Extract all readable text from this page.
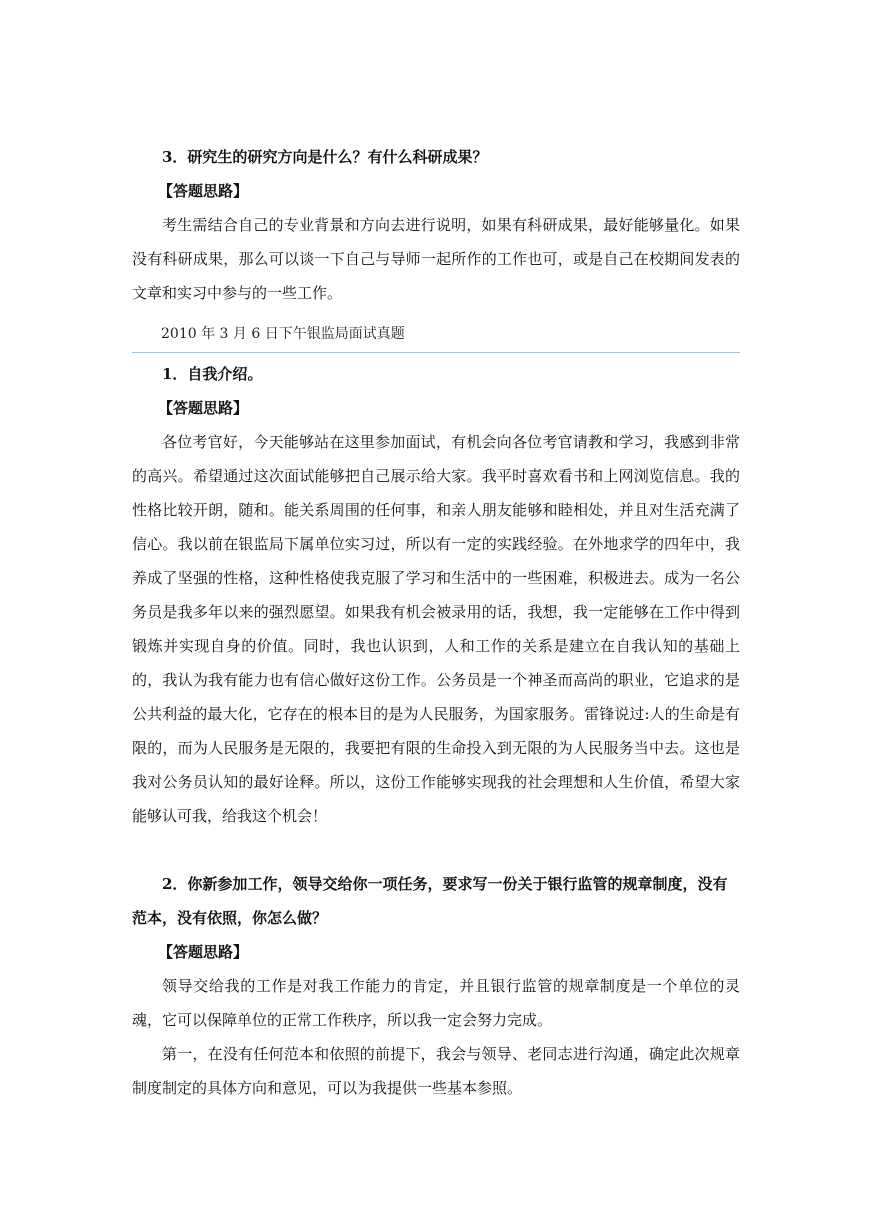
3．研究生的研究方向是什么？有什么科研成果？

【答题思路】

考生需结合自己的专业背景和方向去进行说明，如果有科研成果，最好能够量化。如果没有科研成果，那么可以谈一下自己与导师一起所作的工作也可，或是自己在校期间发表的文章和实习中参与的一些工作。

2010 年 3 月 6 日下午银监局面试真题

1．自我介绍。

【答题思路】

各位考官好，今天能够站在这里参加面试，有机会向各位考官请教和学习，我感到非常的高兴。希望通过这次面试能够把自己展示给大家。我平时喜欢看书和上网浏览信息。我的性格比较开朗，随和。能关系周围的任何事，和亲人朋友能够和睦相处，并且对生活充满了信心。我以前在银监局下属单位实习过，所以有一定的实践经验。在外地求学的四年中，我养成了坚强的性格，这种性格使我克服了学习和生活中的一些困难，积极进去。成为一名公务员是我多年以来的强烈愿望。如果我有机会被录用的话，我想，我一定能够在工作中得到锻炼并实现自身的价值。同时，我也认识到，人和工作的关系是建立在自我认知的基础上的，我认为我有能力也有信心做好这份工作。公务员是一个神圣而高尚的职业，它追求的是公共利益的最大化，它存在的根本目的是为人民服务，为国家服务。雷锋说过:人的生命是有限的，而为人民服务是无限的，我要把有限的生命投入到无限的为人民服务当中去。这也是我对公务员认知的最好诠释。所以，这份工作能够实现我的社会理想和人生价值，希望大家能够认可我，给我这个机会！

2．你新参加工作，领导交给你一项任务，要求写一份关于银行监管的规章制度，没有范本，没有依照，你怎么做？

【答题思路】

领导交给我的工作是对我工作能力的肯定，并且银行监管的规章制度是一个单位的灵魂，它可以保障单位的正常工作秩序，所以我一定会努力完成。

第一，在没有任何范本和依照的前提下，我会与领导、老同志进行沟通，确定此次规章制度制定的具体方向和意见，可以为我提供一些基本参照。
